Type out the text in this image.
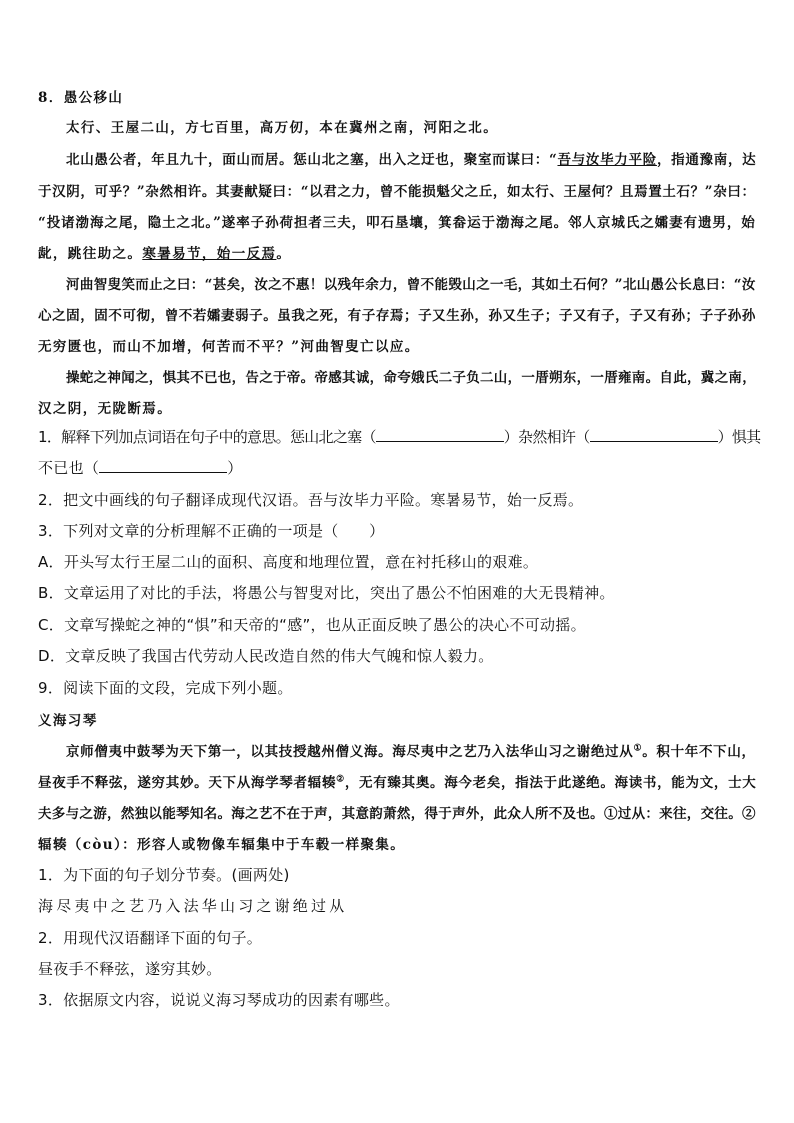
8．愚公移山
太行、王屋二山，方七百里，高万仞，本在冀州之南，河阳之北。
北山愚公者，年且九十，面山而居。惩山北之塞，出入之迂也，聚室而谋曰：“吾与汝毕力平险，指通豫南，达
于汉阴，可乎？”杂然相许。其妻献疑曰：“以君之力，曾不能损魁父之丘，如太行、王屋何？且焉置土石？”杂曰：
“投诸渤海之尾，隐土之北。”遂率子孙荷担者三夫，叩石垦壤，箕畚运于渤海之尾。邻人京城氏之孀妻有遗男，始
龀，跳往助之。寒暑易节，始一反焉。
河曲智叟笑而止之曰：“甚矣，汝之不惠！以残年余力，曾不能毁山之一毛，其如土石何？”北山愚公长息曰：“汝
心之固，固不可彻，曾不若孀妻弱子。虽我之死，有子存焉；子又生孙，孙又生子；子又有子，子又有孙；子子孙孙
无穷匮也，而山不加增，何苦而不平？”河曲智叟亡以应。
操蛇之神闻之，惧其不已也，告之于帝。帝感其诚，命夸娥氏二子负二山，一厝朔东，一厝雍南。自此，冀之南，
汉之阴，无陇断焉。
1．解释下列加点词语在句子中的意思。惩山北之塞（	）杂然相许（	）惧其
不已也（	）
2．把文中画线的句子翻译成现代汉语。吾与汝毕力平险。寒暑易节，始一反焉。
3．下列对文章的分析理解不正确的一项是（　　）
A．开头写太行王屋二山的面积、高度和地理位置，意在衬托移山的艰难。
B．文章运用了对比的手法，将愚公与智叟对比，突出了愚公不怕困难的大无畏精神。
C．文章写操蛇之神的“惧”和天帝的“感”，也从正面反映了愚公的决心不可动摇。
D．文章反映了我国古代劳动人民改造自然的伟大气魄和惊人毅力。
9．阅读下面的文段，完成下列小题。
义海习琴
京师僧夷中鼓琴为天下第一，以其技授越州僧义海。海尽夷中之艺乃入法华山习之谢绝过从①。积十年不下山，
昼夜手不释弦，遂穷其妙。天下从海学琴者辐辏②，无有臻其奥。海今老矣，指法于此遂绝。海读书，能为文，士大
夫多与之游，然独以能琴知名。海之艺不在于声，其意韵萧然，得于声外，此众人所不及也。①过从：来往，交往。②
辐辏（còu）：形容人或物像车辐集中于车毂一样聚集。
1．为下面的句子划分节奏。(画两处)
海尽夷中之艺乃入法华山习之谢绝过从
2．用现代汉语翻译下面的句子。
昼夜手不释弦，遂穷其妙。
3．依据原文内容，说说义海习琴成功的因素有哪些。
